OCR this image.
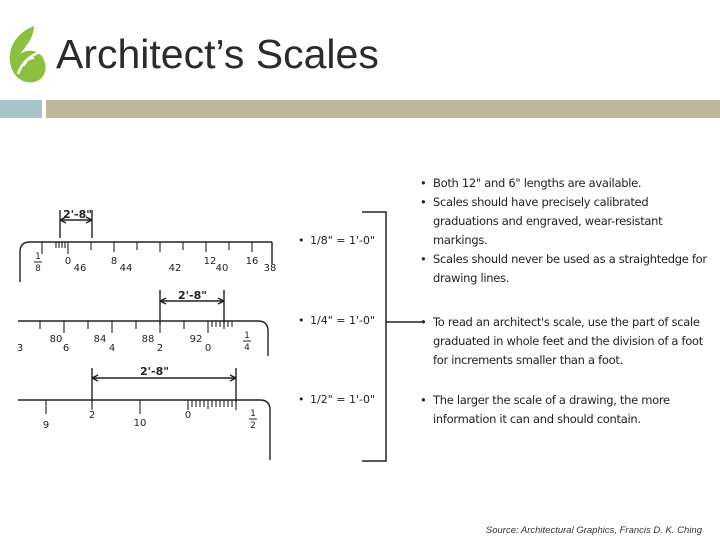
Architect’s Scales
2'-8"
1
8
0
46
8
44	42
12
40
16
38
2'-8"
3
80
6
84
4
88
2
92
0
1
4
2'-8"
9
2
10
0	1
2
• 1/8" = 1'-0"
• 1/4" = 1'-0"
• 1/2" = 1'-0"
• Both 12" and 6" lengths are available.
• Scales should have precisely calibrated graduations and engraved, wear-resistant markings.
• Scales should never be used as a straightedge for drawing lines.
• To read an architect's scale, use the part of scale graduated in whole feet and the division of a foot for increments smaller than a foot.
• The larger the scale of a drawing, the more information it can and should contain.
Source: Architectural Graphics, Francis D. K. Ching
